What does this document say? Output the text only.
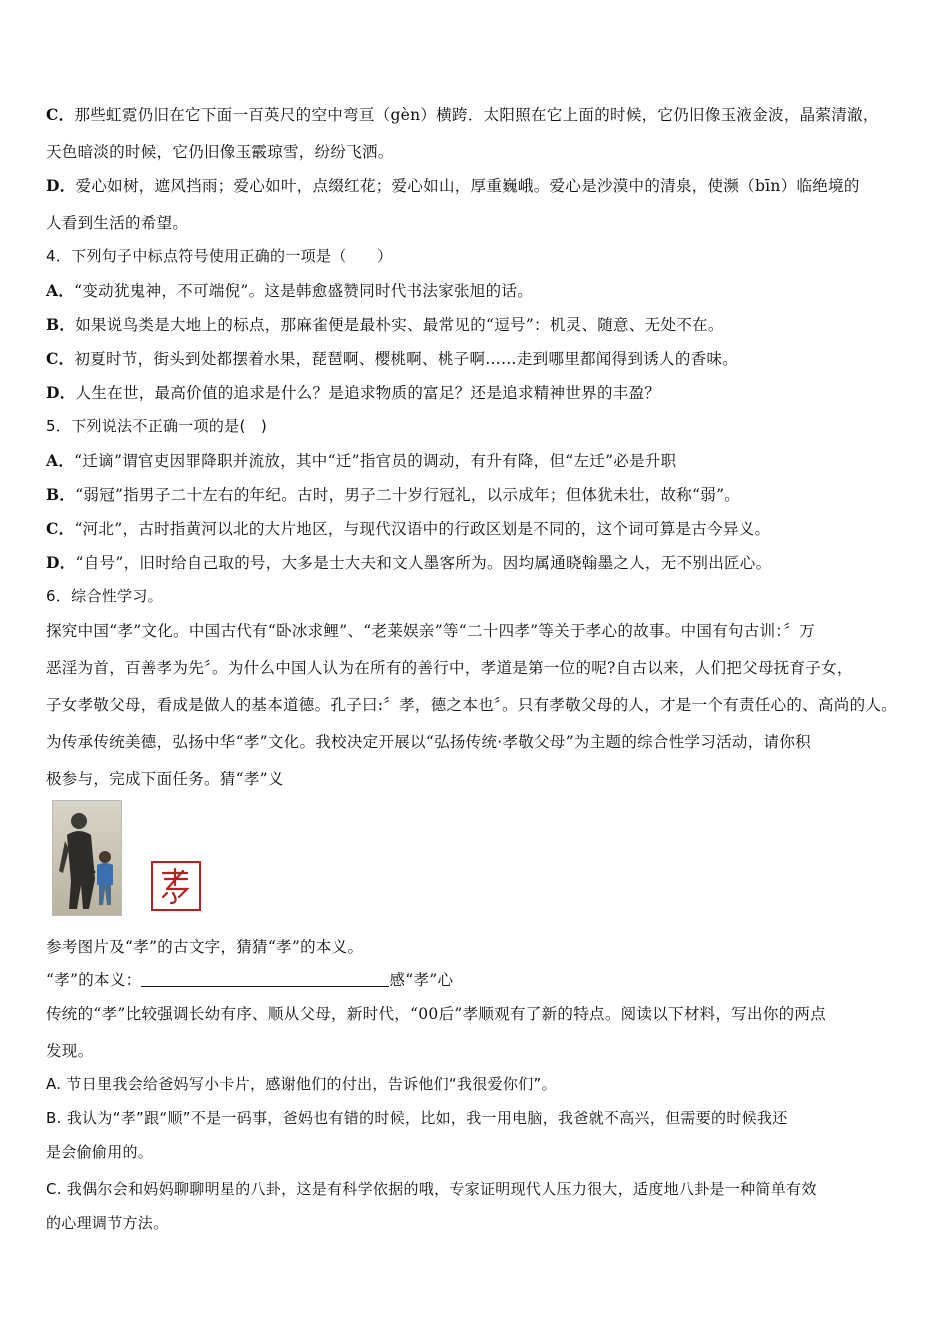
C．那些虹霓仍旧在它下面一百英尺的空中弯亘（gèn）横跨．太阳照在它上面的时候，它仍旧像玉液金波，晶萦清澈，
天色暗淡的时候，它仍旧像玉霰琼雪，纷纷飞洒。
D．爱心如树，遮风挡雨；爱心如叶，点缀红花；爱心如山，厚重巍峨。爱心是沙漠中的清泉，使濒（bīn）临绝境的
人看到生活的希望。
4．下列句子中标点符号使用正确的一项是（　　）
A．“变动犹鬼神，不可端倪”。这是韩愈盛赞同时代书法家张旭的话。
B．如果说鸟类是大地上的标点，那麻雀便是最朴实、最常见的“逗号”：机灵、随意、无处不在。
C．初夏时节，街头到处都摆着水果，琵琶啊、樱桃啊、桃子啊……走到哪里都闻得到诱人的香味。
D．人生在世，最高价值的追求是什么？是追求物质的富足？还是追求精神世界的丰盈？
5．下列说法不正确一项的是(　)
A．“迁谪”谓官吏因罪降职并流放，其中“迁”指官员的调动，有升有降，但“左迁”必是升职
B．“弱冠”指男子二十左右的年纪。古时，男子二十岁行冠礼，以示成年；但体犹未壮，故称“弱”。
C．“河北”，古时指黄河以北的大片地区，与现代汉语中的行政区划是不同的，这个词可算是古今异义。
D．“自号”，旧时给自己取的号，大多是士大夫和文人墨客所为。因均属通晓翰墨之人，无不别出匠心。
6．综合性学习。
探究中国“孝”文化。中国古代有“卧冰求鲤”、“老莱娱亲”等“二十四孝”等关于孝心的故事。中国有句古训：〞万
恶淫为首，百善孝为先〞。为什么中国人认为在所有的善行中，孝道是第一位的呢?自古以来，人们把父母抚育子女，
子女孝敬父母，看成是做人的基本道德。孔子曰:〞孝，德之本也〞。只有孝敬父母的人，才是一个有责任心的、高尚的人。
为传承传统美德，弘扬中华“孝”文化。我校决定开展以“弘扬传统·孝敬父母”为主题的综合性学习活动，请你积
极参与，完成下面任务。猜“孝”义
参考图片及“孝”的古文字，猜猜“孝”的本义。
“孝”的本义：	感“孝”心
传统的“孝”比较强调长幼有序、顺从父母，新时代，“00后”孝顺观有了新的特点。阅读以下材料，写出你的两点
发现。
A. 节日里我会给爸妈写小卡片，感谢他们的付出，告诉他们“我很爱你们”。
B. 我认为“孝”跟“顺”不是一码事，爸妈也有错的时候，比如，我一用电脑，我爸就不高兴，但需要的时候我还
是会偷偷用的。
C. 我偶尔会和妈妈聊聊明星的八卦，这是有科学依据的哦，专家证明现代人压力很大，适度地八卦是一种简单有效
的心理调节方法。
